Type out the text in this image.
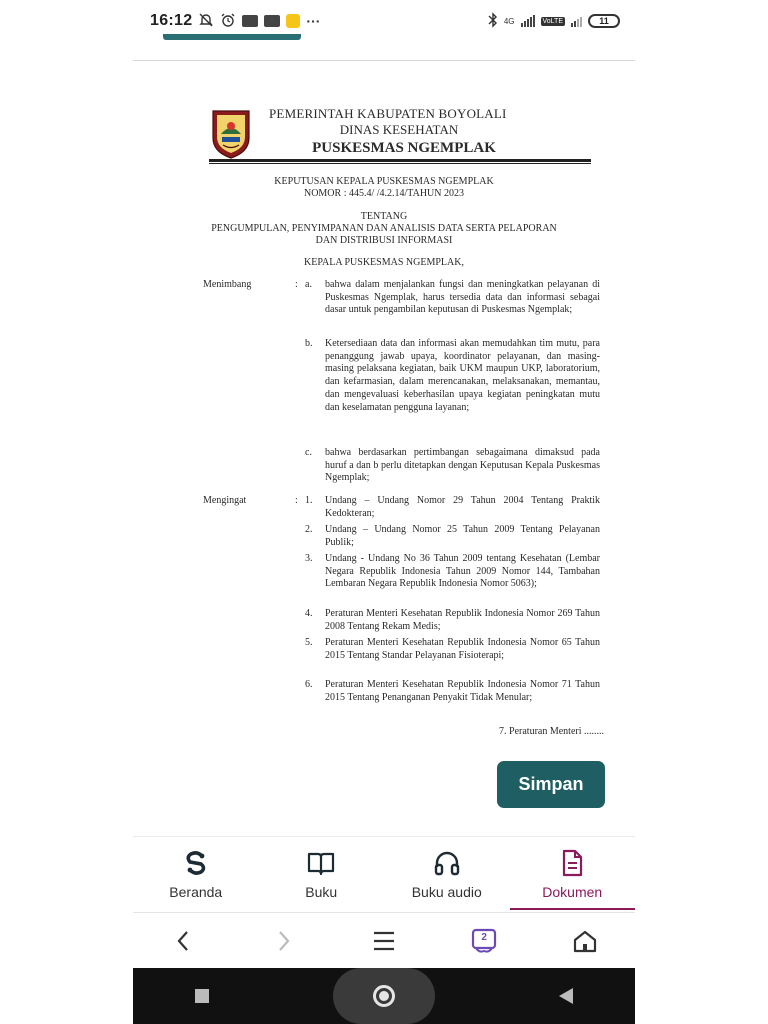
16:12	···	4G	VoLTE	11
PEMERINTAH KABUPATEN BOYOLALI
DINAS KESEHATAN
PUSKESMAS NGEMPLAK
KEPUTUSAN KEPALA PUSKESMAS NGEMPLAK
NOMOR : 445.4/ /4.2.14/TAHUN 2023
TENTANG
PENGUMPULAN, PENYIMPANAN DAN ANALISIS DATA SERTA PELAPORAN
DAN DISTRIBUSI INFORMASI
KEPALA PUSKESMAS NGEMPLAK,
Menimbang	: a. bahwa dalam menjalankan fungsi dan meningkatkan pelayanan di Puskesmas Ngemplak, harus tersedia data dan informasi sebagai dasar untuk pengambilan keputusan di Puskesmas Ngemplak;
b. Ketersediaan data dan informasi akan memudahkan tim mutu, para penanggung jawab upaya, koordinator pelayanan, dan masing-masing pelaksana kegiatan, baik UKM maupun UKP, laboratorium, dan kefarmasian, dalam merencanakan, melaksanakan, memantau, dan mengevaluasi keberhasilan upaya kegiatan peningkatan mutu dan keselamatan pengguna layanan;
c. bahwa berdasarkan pertimbangan sebagaimana dimaksud pada huruf a dan b perlu ditetapkan dengan Keputusan Kepala Puskesmas Ngemplak;
Mengingat	: 1. Undang – Undang Nomor 29 Tahun 2004 Tentang Praktik Kedokteran;
2. Undang – Undang Nomor 25 Tahun 2009 Tentang Pelayanan Publik;
3. Undang - Undang No 36 Tahun 2009 tentang Kesehatan (Lembar Negara Republik Indonesia Tahun 2009 Nomor 144, Tambahan Lembaran Negara Republik Indonesia Nomor 5063);
4. Peraturan Menteri Kesehatan Republik Indonesia Nomor 269 Tahun 2008 Tentang Rekam Medis;
5. Peraturan Menteri Kesehatan Republik Indonesia Nomor 65 Tahun 2015 Tentang Standar Pelayanan Fisioterapi;
6. Peraturan Menteri Kesehatan Republik Indonesia Nomor 71 Tahun 2015 Tentang Penanganan Penyakit Tidak Menular;
7. Peraturan Menteri ........
Simpan
Beranda	Buku	Buku audio	Dokumen
2
